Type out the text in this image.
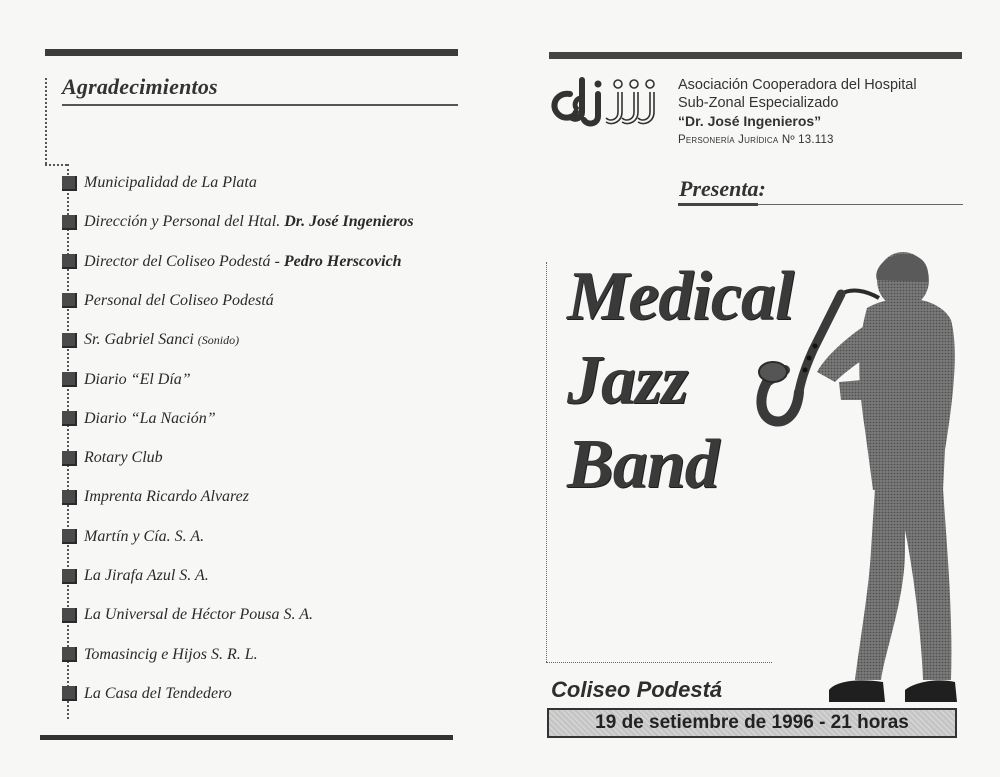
Agradecimientos
Municipalidad de La Plata
Dirección y Personal del Htal. Dr. José Ingenieros
Director del Coliseo Podestá - Pedro Herscovich
Personal del Coliseo Podestá
Sr. Gabriel Sanci (Sonido)
Diario “El Día”
Diario “La Nación”
Rotary Club
Imprenta Ricardo Alvarez
Martín y Cía. S. A.
La Jirafa Azul S. A.
La Universal de Héctor Pousa S. A.
Tomasincig e Hijos S. R. L.
La Casa del Tendedero
Asociación Cooperadora del Hospital
Sub-Zonal Especializado
“Dr. José Ingenieros”
Personería Jurídica Nº 13.113
Presenta:
Medical
Jazz
Band
Coliseo Podestá
19 de setiembre de 1996 - 21 horas
